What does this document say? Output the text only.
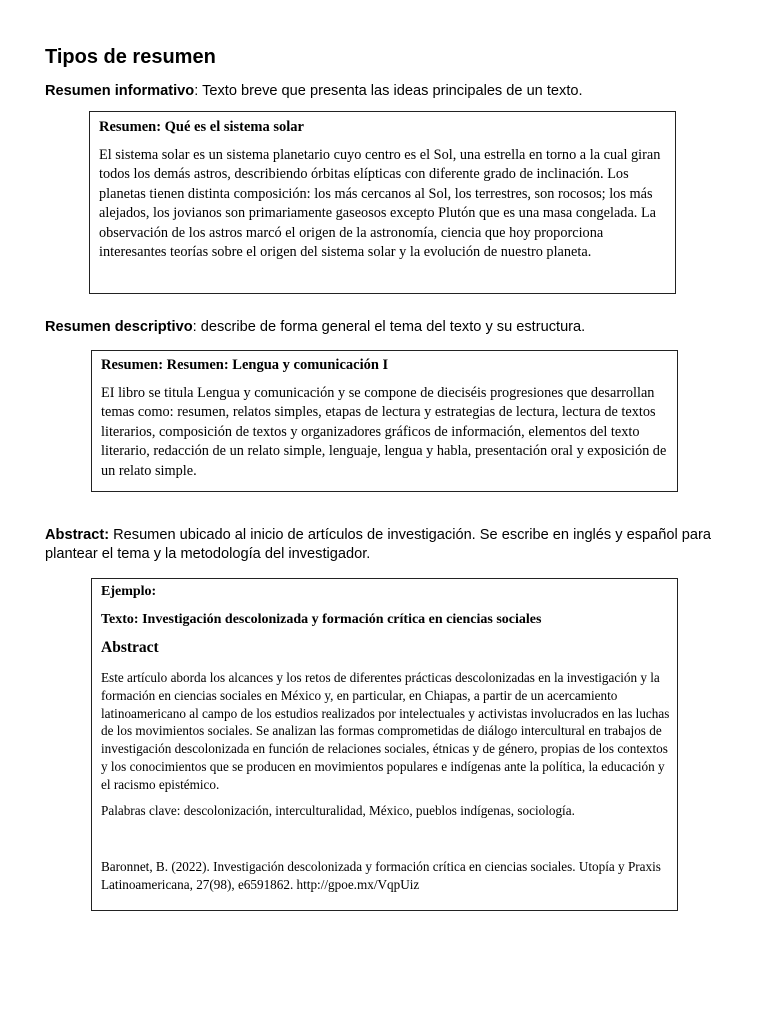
Tipos de resumen

Resumen informativo: Texto breve que presenta las ideas principales de un texto.

Resumen: Qué es el sistema solar

El sistema solar es un sistema planetario cuyo centro es el Sol, una estrella en torno a la cual giran todos los demás astros, describiendo órbitas elípticas con diferente grado de inclinación. Los planetas tienen distinta composición: los más cercanos al Sol, los terrestres, son rocosos; los más alejados, los jovianos son primariamente gaseosos excepto Plutón que es una masa congelada. La observación de los astros marcó el origen de la astronomía, ciencia que hoy proporciona interesantes teorías sobre el origen del sistema solar y la evolución de nuestro planeta.

Resumen descriptivo: describe de forma general el tema del texto y su estructura.

Resumen: Resumen: Lengua y comunicación I

EI libro se titula Lengua y comunicación y se compone de dieciséis progresiones que desarrollan temas como: resumen, relatos simples, etapas de lectura y estrategias de lectura, lectura de textos literarios, composición de textos y organizadores gráficos de información, elementos del texto literario, redacción de un relato simple, lenguaje, lengua y habla, presentación oral y exposición de un relato simple.

Abstract: Resumen ubicado al inicio de artículos de investigación. Se escribe en inglés y español para plantear el tema y la metodología del investigador.

Ejemplo:

Texto: Investigación descolonizada y formación crítica en ciencias sociales

Abstract

Este artículo aborda los alcances y los retos de diferentes prácticas descolonizadas en la investigación y la formación en ciencias sociales en México y, en particular, en Chiapas, a partir de un acercamiento latinoamericano al campo de los estudios realizados por intelectuales y activistas involucrados en las luchas de los movimientos sociales. Se analizan las formas comprometidas de diálogo intercultural en trabajos de investigación descolonizada en función de relaciones sociales, étnicas y de género, propias de los contextos y los conocimientos que se producen en movimientos populares e indígenas ante la política, la educación y el racismo epistémico.

Palabras clave: descolonización, interculturalidad, México, pueblos indígenas, sociología.

Baronnet, B. (2022). Investigación descolonizada y formación crítica en ciencias sociales. Utopía y Praxis Latinoamericana, 27(98), e6591862. http://gpoe.mx/VqpUiz
